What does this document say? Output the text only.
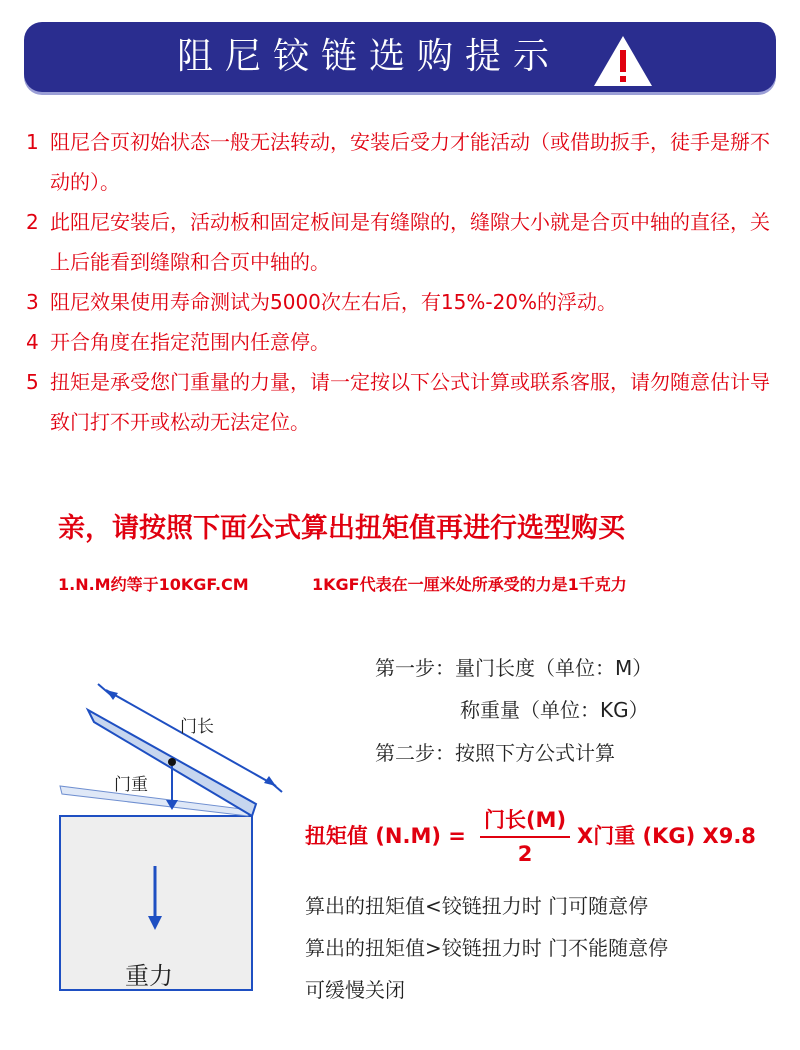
阻尼铰链选购提示
1 阻尼合页初始状态一般无法转动，安装后受力才能活动（或借助扳手，徒手是掰不动的）。
2 此阻尼安装后，活动板和固定板间是有缝隙的，缝隙大小就是合页中轴的直径，关上后能看到缝隙和合页中轴的。
3 阻尼效果使用寿命测试为5000次左右后，有15%-20%的浮动。
4 开合角度在指定范围内任意停。
5 扭矩是承受您门重量的力量，请一定按以下公式计算或联系客服，请勿随意估计导致门打不开或松动无法定位。
亲，请按照下面公式算出扭矩值再进行选型购买
1.N.M约等于10KGF.CM	1KGF代表在一厘米处所承受的力是1千克力
第一步：量门长度（单位：M）
称重量（单位：KG）
第二步：按照下方公式计算
扭矩值 (N.M) =
门长(M)
2
X门重 (KG) X9.8
算出的扭矩值<铰链扭力时 门可随意停
算出的扭矩值>铰链扭力时 门不能随意停
可缓慢关闭
门长
门重
重力
